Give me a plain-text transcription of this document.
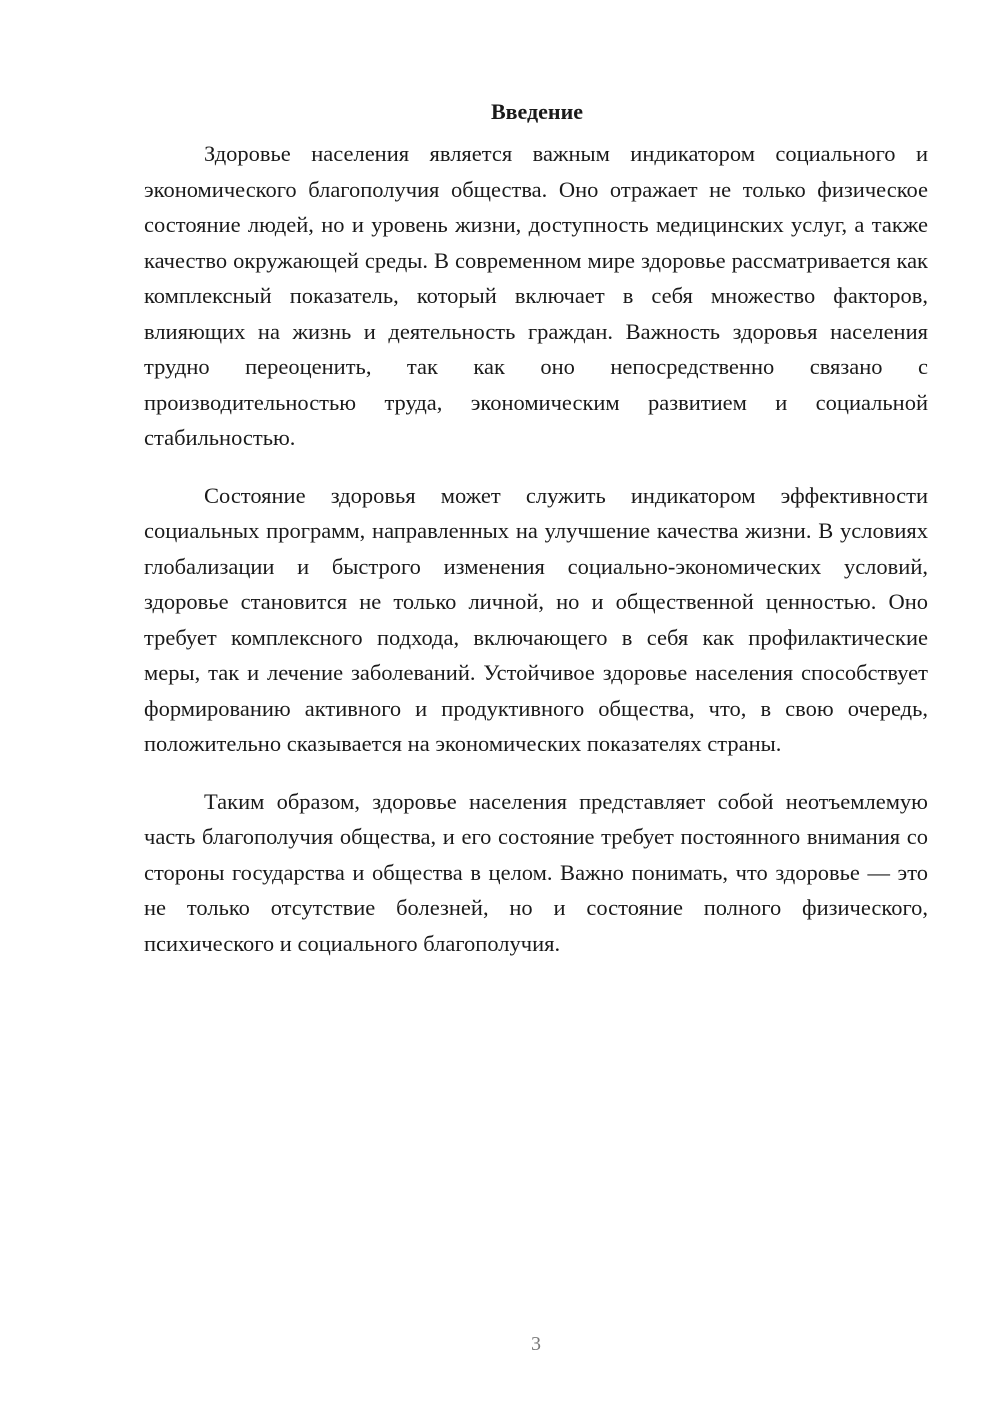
Введение

Здоровье населения является важным индикатором социального и экономического благополучия общества. Оно отражает не только физическое состояние людей, но и уровень жизни, доступность медицинских услуг, а также качество окружающей среды. В современном мире здоровье рассматривается как комплексный показатель, который включает в себя множество факторов, влияющих на жизнь и деятельность граждан. Важность здоровья населения трудно переоценить, так как оно непосредственно связано с производительностью труда, экономическим развитием и социальной стабильностью.

Состояние здоровья может служить индикатором эффективности социальных программ, направленных на улучшение качества жизни. В условиях глобализации и быстрого изменения социально-экономических условий, здоровье становится не только личной, но и общественной ценностью. Оно требует комплексного подхода, включающего в себя как профилактические меры, так и лечение заболеваний. Устойчивое здоровье населения способствует формированию активного и продуктивного общества, что, в свою очередь, положительно сказывается на экономических показателях страны.

Таким образом, здоровье населения представляет собой неотъемлемую часть благополучия общества, и его состояние требует постоянного внимания со стороны государства и общества в целом. Важно понимать, что здоровье — это не только отсутствие болезней, но и состояние полного физического, психического и социального благополучия.

3
